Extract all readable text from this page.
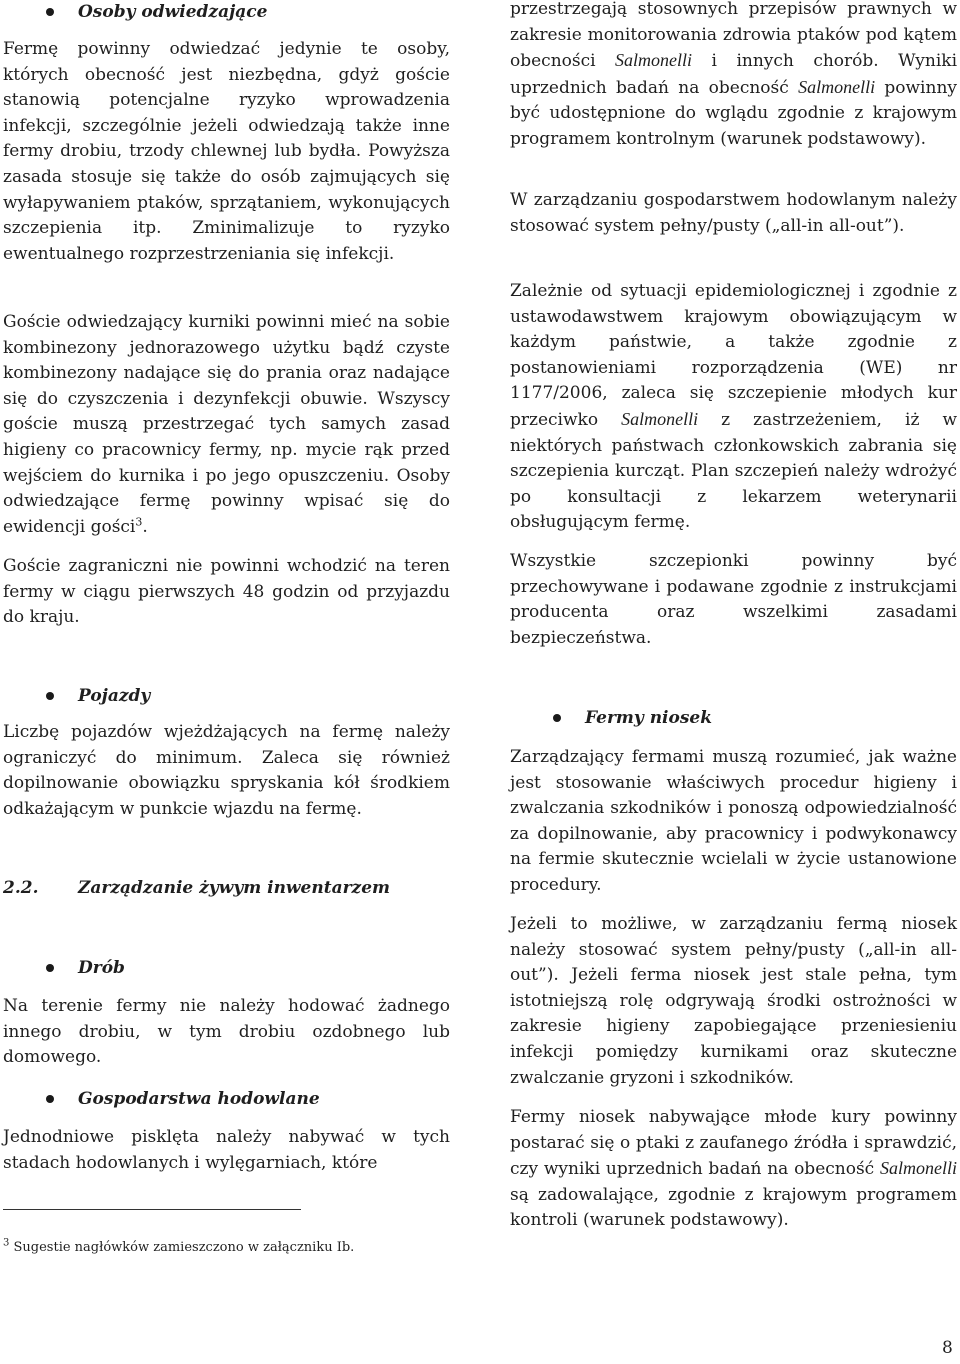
Osoby odwiedzające

Fermę powinny odwiedzać jedynie te osoby, których obecność jest niezbędna, gdyż goście stanowią potencjalne ryzyko wprowadzenia infekcji, szczególnie jeżeli odwiedzają także inne fermy drobiu, trzody chlewnej lub bydła. Powyższa zasada stosuje się także do osób zajmujących się wyłapywaniem ptaków, sprzątaniem, wykonujących szczepienia itp. Zminimalizuje to ryzyko ewentualnego rozprzestrzeniania się infekcji.

Goście odwiedzający kurniki powinni mieć na sobie kombinezony jednorazowego użytku bądź czyste kombinezony nadające się do prania oraz nadające się do czyszczenia i dezynfekcji obuwie. Wszyscy goście muszą przestrzegać tych samych zasad higieny co pracownicy fermy, np. mycie rąk przed wejściem do kurnika i po jego opuszczeniu. Osoby odwiedzające fermę powinny wpisać się do ewidencji gości$^3$.

Goście zagraniczni nie powinni wchodzić na teren fermy w ciągu pierwszych 48 godzin od przyjazdu do kraju.

Pojazdy

Liczbę pojazdów wjeżdżających na fermę należy ograniczyć do minimum. Zaleca się również dopilnowanie obowiązku spryskania kół środkiem odkażającym w punkcie wjazdu na fermę.

2.2. Zarządzanie żywym inwentarzem
Drób

Na terenie fermy nie należy hodować żadnego innego drobiu, w tym drobiu ozdobnego lub domowego.

Gospodarstwa hodowlane

Jednodniowe pisklęta należy nabywać w tych stadach hodowlanych i wylęgarniach, które

$^3$ Sugestie nagłówków zamieszczono w załączniku Ib.

przestrzegają stosownych przepisów prawnych w zakresie monitorowania zdrowia ptaków pod kątem obecności Salmonelli i innych chorób. Wyniki uprzednich badań na obecność Salmonelli powinny być udostępnione do wglądu zgodnie z krajowym programem kontrolnym (warunek podstawowy).

W zarządzaniu gospodarstwem hodowlanym należy stosować system pełny/pusty („all-in all-out”).

Zależnie od sytuacji epidemiologicznej i zgodnie z ustawodawstwem krajowym obowiązującym w każdym państwie, a także zgodnie z postanowieniami rozporządzenia (WE) nr 1177/2006, zaleca się szczepienie młodych kur przeciwko Salmonelli z zastrzeżeniem, iż w niektórych państwach członkowskich zabrania się szczepienia kurcząt. Plan szczepień należy wdrożyć po konsultacji z lekarzem weterynarii obsługującym fermę.

Wszystkie szczepionki powinny być przechowywane i podawane zgodnie z instrukcjami producenta oraz wszelkimi zasadami bezpieczeństwa.

Fermy niosek

Zarządzający fermami muszą rozumieć, jak ważne jest stosowanie właściwych procedur higieny i zwalczania szkodników i ponoszą odpowiedzialność za dopilnowanie, aby pracownicy i podwykonawcy na fermie skutecznie wcielali w życie ustanowione procedury.

Jeżeli to możliwe, w zarządzaniu fermą niosek należy stosować system pełny/pusty („all-in all-out”). Jeżeli ferma niosek jest stale pełna, tym istotniejszą rolę odgrywają środki ostrożności w zakresie higieny zapobiegające przeniesieniu infekcji pomiędzy kurnikami oraz skuteczne zwalczanie gryzoni i szkodników.

Fermy niosek nabywające młode kury powinny postarać się o ptaki z zaufanego źródła i sprawdzić, czy wyniki uprzednich badań na obecność Salmonelli są zadowalające, zgodnie z krajowym programem kontroli (warunek podstawowy).

8
